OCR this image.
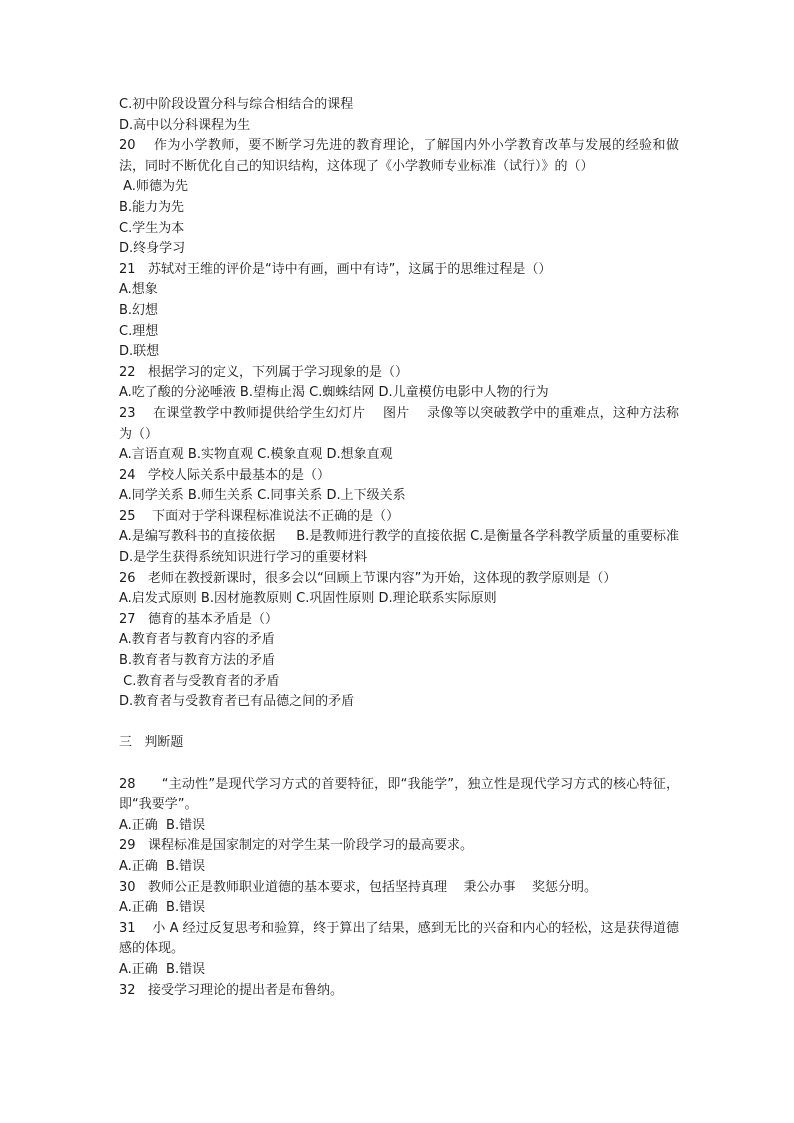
C.初中阶段设置分科与综合相结合的课程

D.高中以分科课程为生

20    作为小学教师，要不断学习先进的教育理论，了解国内外小学教育改革与发展的经验和做法，同时不断优化自己的知识结构，这体现了《小学教师专业标准（试行）》的（）

A.师德为先

B.能力为先

C.学生为本

D.终身学习

21   苏轼对王维的评价是“诗中有画，画中有诗”，这属于的思维过程是（）

A.想象

B.幻想

C.理想

D.联想

22   根据学习的定义，下列属于学习现象的是（）

A.吃了酸的分泌唾液 B.望梅止渴 C.蜘蛛结网 D.儿童模仿电影中人物的行为

23    在课堂教学中教师提供给学生幻灯片    图片    录像等以突破教学中的重难点，这种方法称为（）

A.言语直观 B.实物直观 C.模象直观 D.想象直观

24   学校人际关系中最基本的是（）

A.同学关系 B.师生关系 C.同事关系 D.上下级关系

25    下面对于学科课程标准说法不正确的是（）

A.是编写教科书的直接依据     B.是教师进行教学的直接依据 C.是衡量各学科教学质量的重要标准 D.是学生获得系统知识进行学习的重要材料

26   老师在教授新课时，很多会以“回顾上节课内容”为开始，这体现的教学原则是（）

A.启发式原则 B.因材施教原则 C.巩固性原则 D.理论联系实际原则

27   德育的基本矛盾是（）

A.教育者与教育内容的矛盾

B.教育者与教育方法的矛盾

C.教育者与受教育者的矛盾

D.教育者与受教育者已有品德之间的矛盾

三   判断题

28      “主动性”是现代学习方式的首要特征，即“我能学”，独立性是现代学习方式的核心特征，即“我要学”。

A.正确  B.错误

29   课程标准是国家制定的对学生某一阶段学习的最高要求。

A.正确  B.错误

30   教师公正是教师职业道德的基本要求，包括坚持真理    秉公办事    奖惩分明。

A.正确  B.错误

31    小 A 经过反复思考和验算，终于算出了结果，感到无比的兴奋和内心的轻松，这是获得道德感的体现。

A.正确  B.错误

32   接受学习理论的提出者是布鲁纳。
